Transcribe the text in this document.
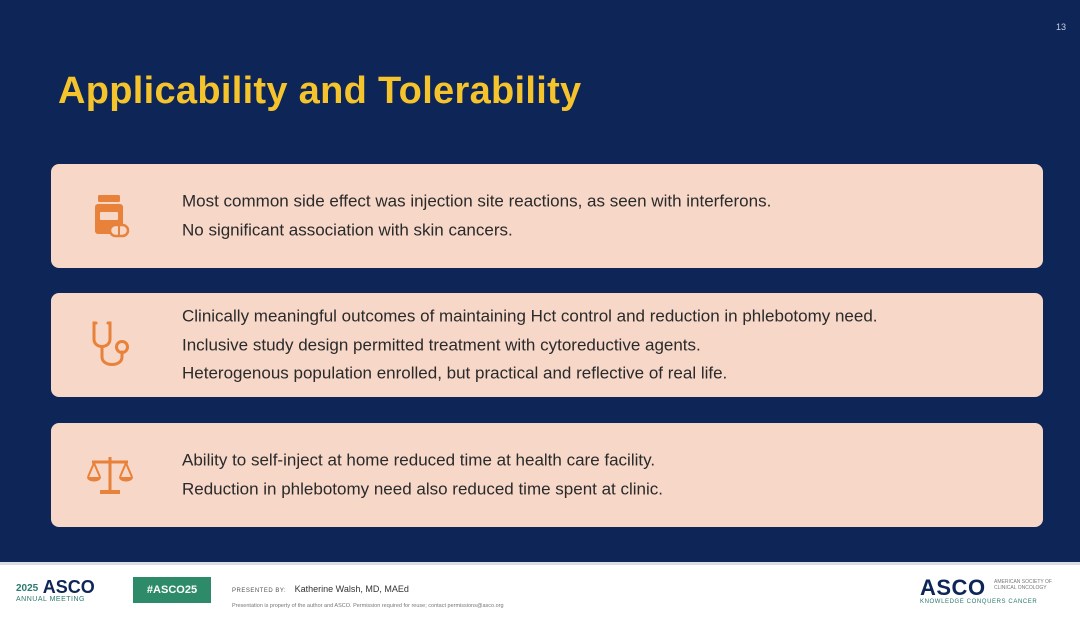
13
Applicability and Tolerability
Most common side effect was injection site reactions, as seen with interferons.
No significant association with skin cancers.
Clinically meaningful outcomes of maintaining Hct control and reduction in phlebotomy need.
Inclusive study design permitted treatment with cytoreductive agents.
Heterogenous population enrolled, but practical and reflective of real life.
Ability to self-inject at home reduced time at health care facility.
Reduction in phlebotomy need also reduced time spent at clinic.
2025 ASCO
ANNUAL MEETING
#ASCO25	PRESENTED BY: Katherine Walsh, MD, MAEd
Presentation is property of the author and ASCO. Permission required for reuse; contact permissions@asco.org
ASCO AMERICAN SOCIETY OF CLINICAL ONCOLOGY
KNOWLEDGE CONQUERS CANCER
